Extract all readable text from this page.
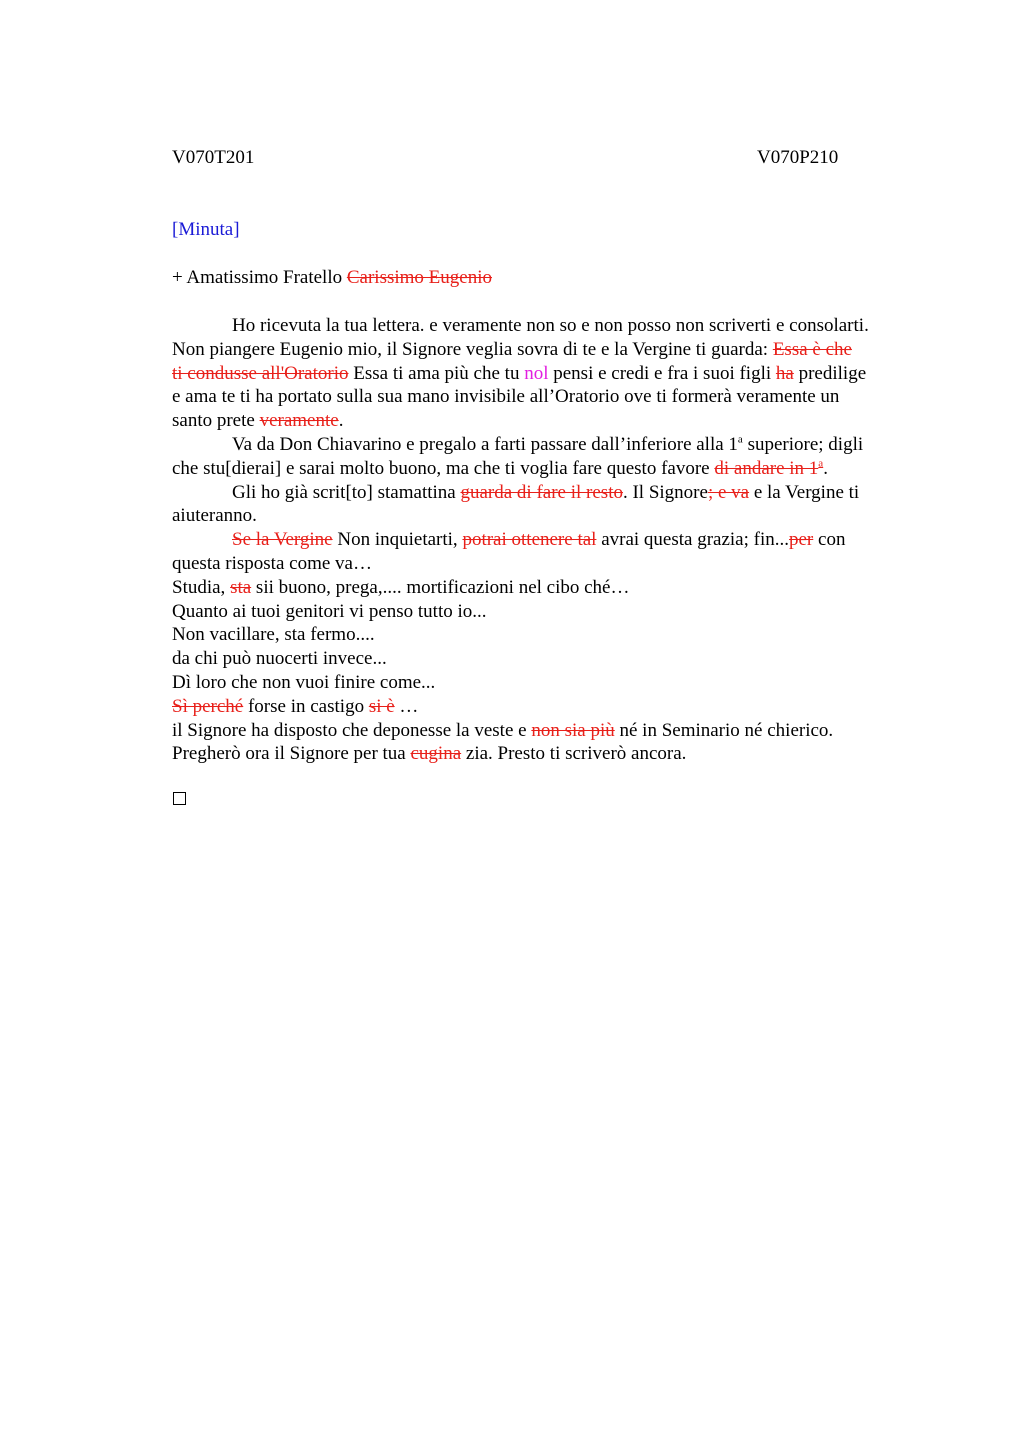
V070T201	V070P210
[Minuta]
+ Amatissimo Fratello Carissimo Eugenio
Ho ricevuta la tua lettera. e veramente non so e non posso non scriverti e consolarti.
Non piangere Eugenio mio, il Signore veglia sovra di te e la Vergine ti guarda: Essa è che
ti condusse all'Oratorio Essa ti ama più che tu nol pensi e credi e fra i suoi figli ha predilige
e ama te ti ha portato sulla sua mano invisibile all’Oratorio ove ti formerà veramente un
santo prete veramente.
Va da Don Chiavarino e pregalo a farti passare dall’inferiore alla 1$^a$ superiore; digli
che stu[dierai] e sarai molto buono, ma che ti voglia fare questo favore di andare in 1$^a$.
Gli ho già scrit[to] stamattina guarda di fare il resto. Il Signore; e va e la Vergine ti
aiuteranno.
Se la Vergine Non inquietarti, potrai ottenere tal avrai questa grazia; fin...per con
questa risposta come va…
Studia, sta sii buono, prega,.... mortificazioni nel cibo ché…
Quanto ai tuoi genitori vi penso tutto io...
Non vacillare, sta fermo....
da chi può nuocerti invece...
Dì loro che non vuoi finire come...
Sì perché forse in castigo si è …
il Signore ha disposto che deponesse la veste e non sia più né in Seminario né chierico.
Pregherò ora il Signore per tua cugina zia. Presto ti scriverò ancora.
